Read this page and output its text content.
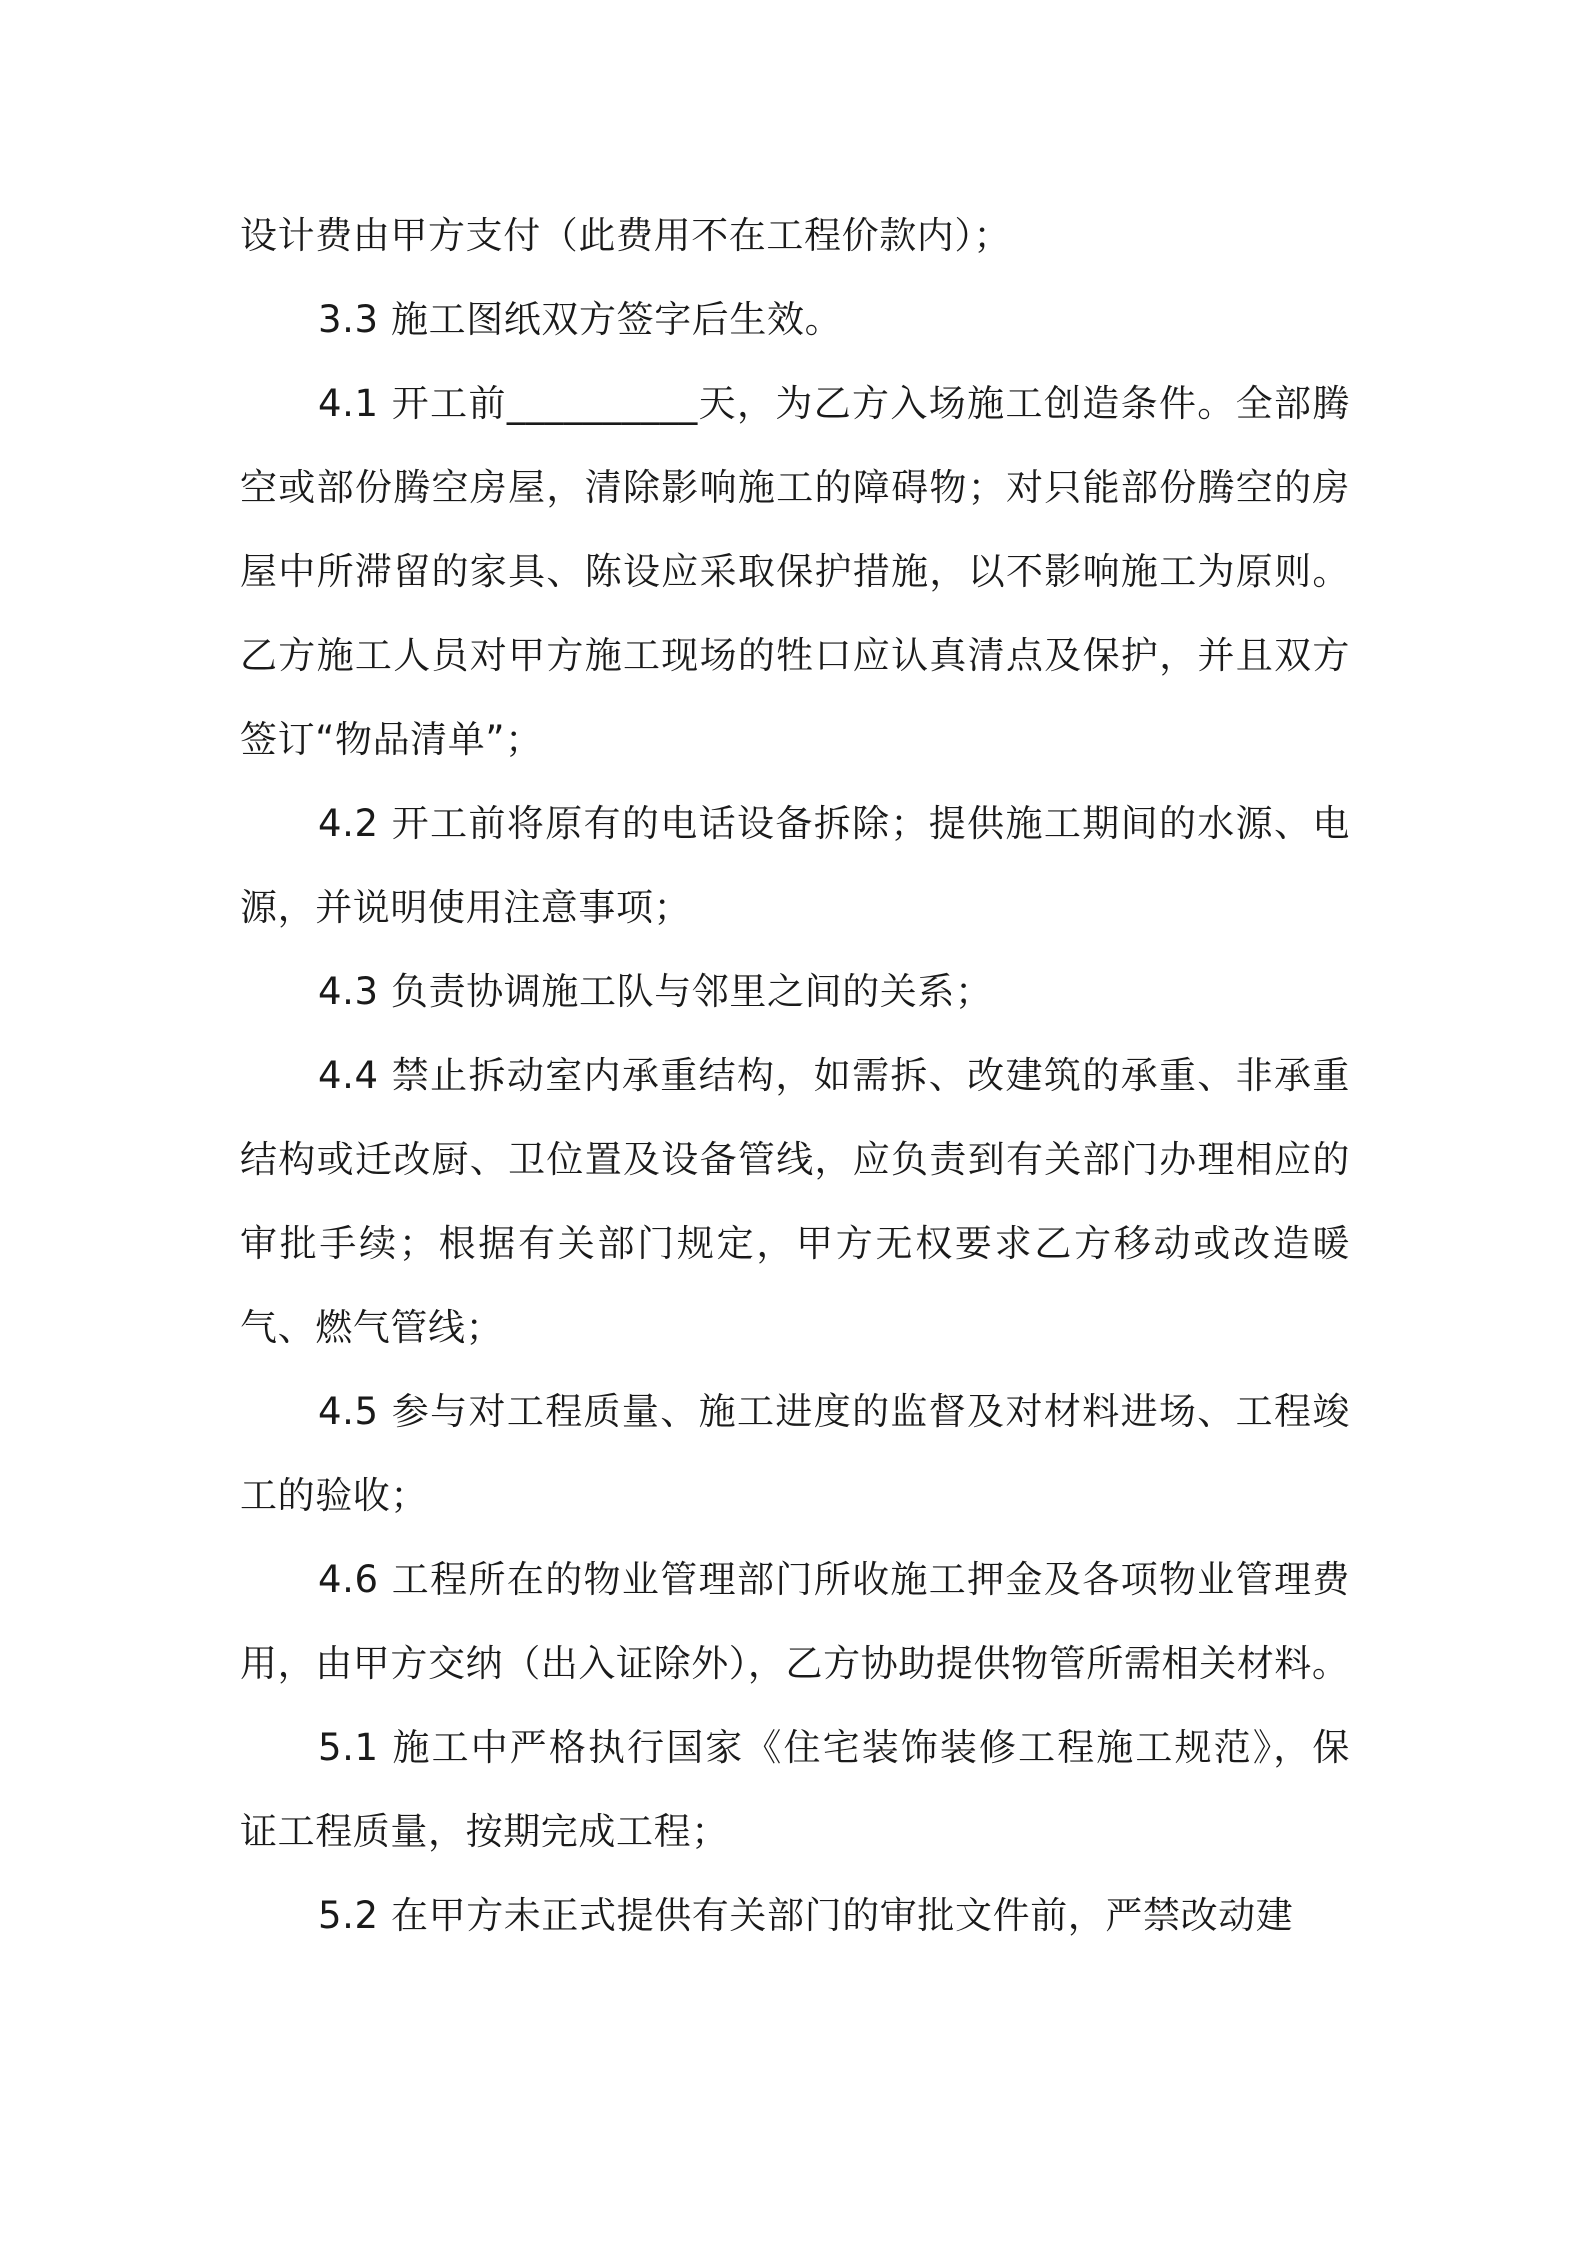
设计费由甲方支付（此费用不在工程价款内）；

3.3 施工图纸双方签字后生效。

4.1 开工前__________天，为乙方入场施工创造条件。全部腾空或部份腾空房屋，清除影响施工的障碍物；对只能部份腾空的房屋中所滞留的家具、陈设应采取保护措施，以不影响施工为原则。乙方施工人员对甲方施工现场的牲口应认真清点及保护，并且双方签订“物品清单”；

4.2 开工前将原有的电话设备拆除；提供施工期间的水源、电源，并说明使用注意事项；

4.3 负责协调施工队与邻里之间的关系；

4.4 禁止拆动室内承重结构，如需拆、改建筑的承重、非承重结构或迁改厨、卫位置及设备管线，应负责到有关部门办理相应的审批手续；根据有关部门规定，甲方无权要求乙方移动或改造暖气、燃气管线；

4.5 参与对工程质量、施工进度的监督及对材料进场、工程竣工的验收；

4.6 工程所在的物业管理部门所收施工押金及各项物业管理费用，由甲方交纳（出入证除外），乙方协助提供物管所需相关材料。

5.1 施工中严格执行国家《住宅装饰装修工程施工规范》，保证工程质量，按期完成工程；

5.2 在甲方未正式提供有关部门的审批文件前，严禁改动建
